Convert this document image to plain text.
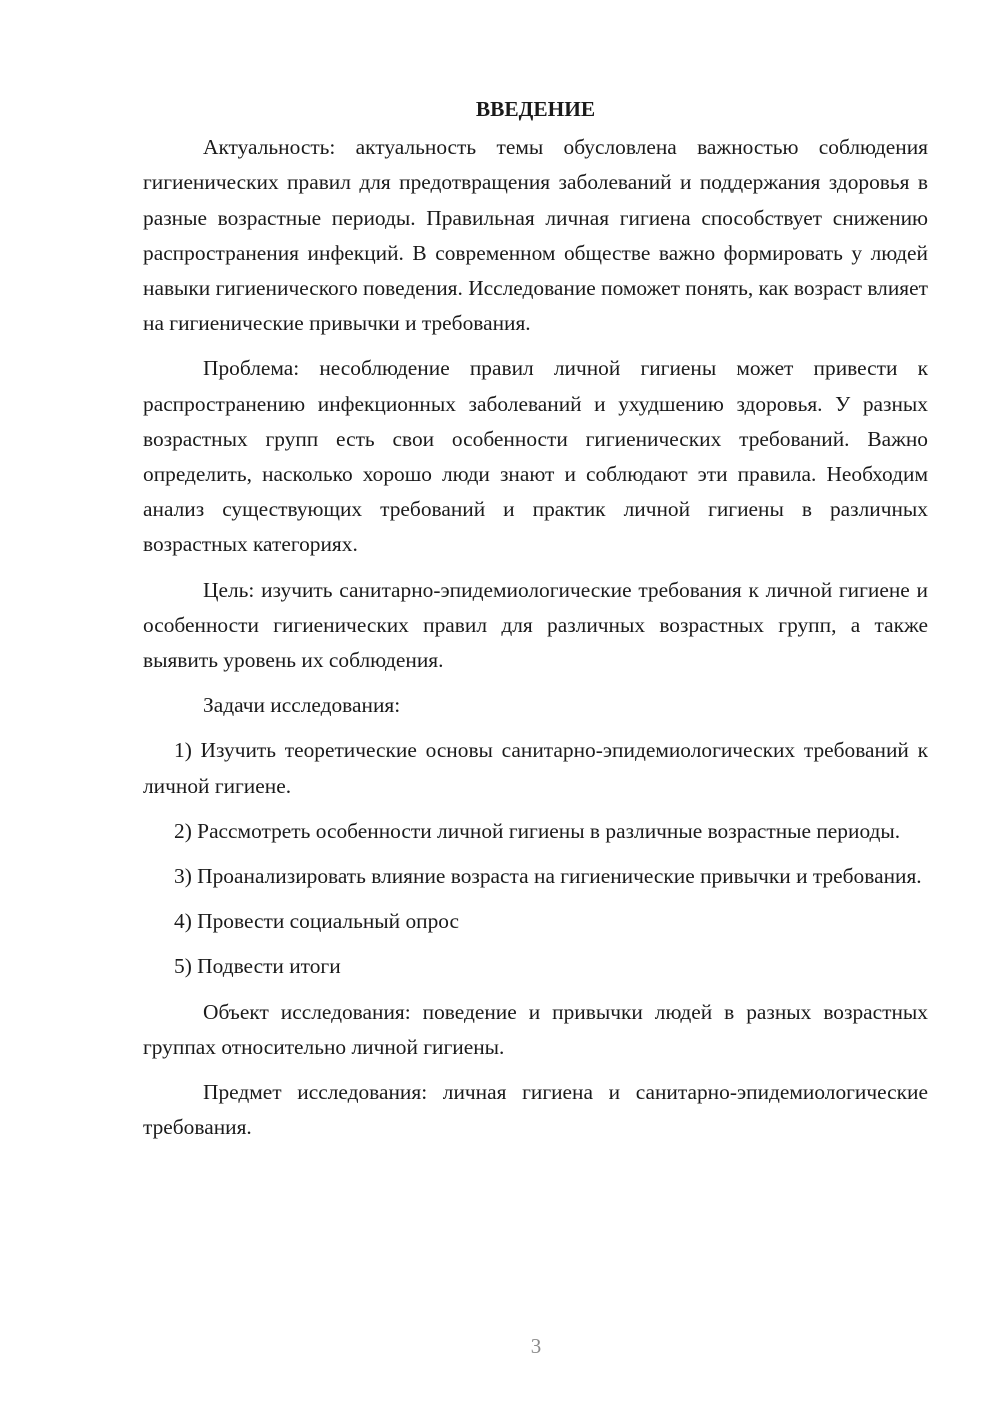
ВВЕДЕНИЕ

Актуальность: актуальность темы обусловлена важностью соблюдения гигиенических правил для предотвращения заболеваний и поддержания здоровья в разные возрастные периоды. Правильная личная гигиена способствует снижению распространения инфекций. В современном обществе важно формировать у людей навыки гигиенического поведения. Исследование поможет понять, как возраст влияет на гигиенические привычки и требования.

Проблема: несоблюдение правил личной гигиены может привести к распространению инфекционных заболеваний и ухудшению здоровья. У разных возрастных групп есть свои особенности гигиенических требований. Важно определить, насколько хорошо люди знают и соблюдают эти правила. Необходим анализ существующих требований и практик личной гигиены в различных возрастных категориях.

Цель: изучить санитарно-эпидемиологические требования к личной гигиене и особенности гигиенических правил для различных возрастных групп, а также выявить уровень их соблюдения.

Задачи исследования:

1) Изучить теоретические основы санитарно-эпидемиологических требований к личной гигиене.

2) Рассмотреть особенности личной гигиены в различные возрастные периоды.

3) Проанализировать влияние возраста на гигиенические привычки и требования.

4) Провести социальный опрос

5) Подвести итоги

Объект исследования: поведение и привычки людей в разных возрастных группах относительно личной гигиены.

Предмет исследования: личная гигиена и санитарно-эпидемиологические требования.

3
